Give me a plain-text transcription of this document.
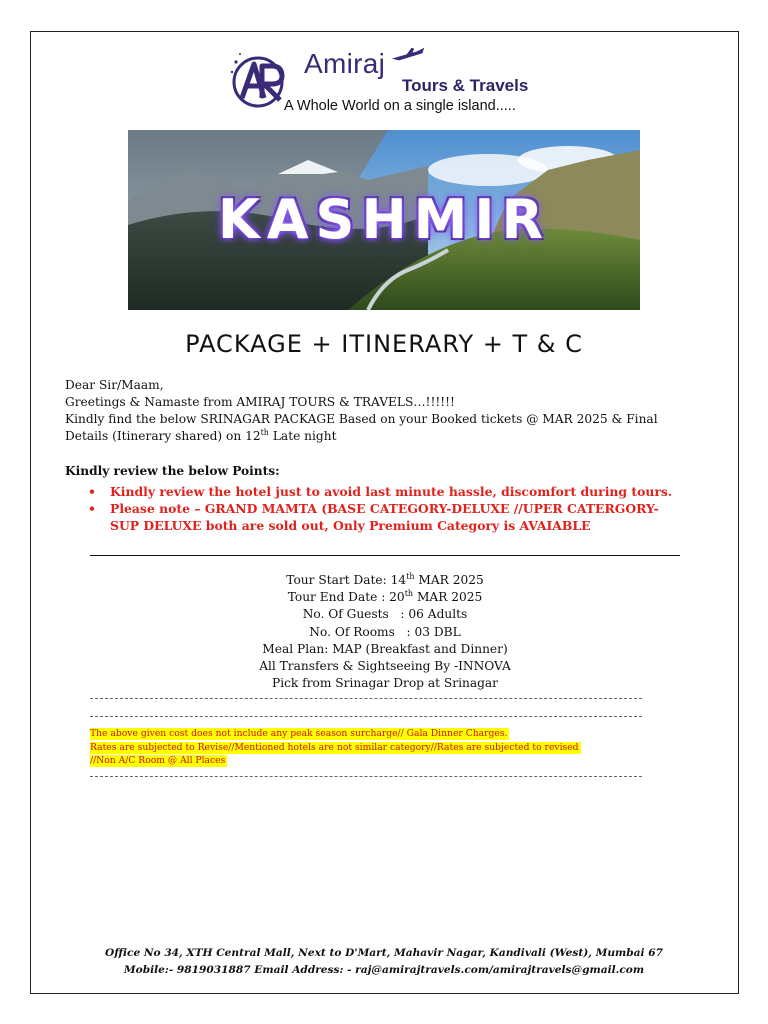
Amiraj
Tours & Travels
A Whole World on a single island.....
KASHMIR
PACKAGE + ITINERARY + T & C
Dear Sir/Maam,
Greetings & Namaste from AMIRAJ TOURS & TRAVELS…!!!!!!
Kindly find the below SRINAGAR PACKAGE Based on your Booked tickets @ MAR 2025 & Final
Details (Itinerary shared) on 12th Late night
Kindly review the below Points:
• Kindly review the hotel just to avoid last minute hassle, discomfort during tours.
• Please note – GRAND MAMTA (BASE CATEGORY-DELUXE //UPER CATERGORY-
SUP DELUXE both are sold out, Only Premium Category is AVAIABLE
Tour Start Date: 14th MAR 2025
Tour End Date : 20th MAR 2025
No. Of Guests   : 06 Adults
No. Of Rooms   : 03 DBL
Meal Plan: MAP (Breakfast and Dinner)
All Transfers & Sightseeing By -INNOVA
Pick from Srinagar Drop at Srinagar
The above given cost does not include any peak season surcharge// Gala Dinner Charges.
Rates are subjected to Revise//Mentioned hotels are not similar category//Rates are subjected to revised
//Non A/C Room @ All Places
Office No 34, XTH Central Mall, Next to D'Mart, Mahavir Nagar, Kandivali (West), Mumbai 67
Mobile:- 9819031887 Email Address: - raj@amirajtravels.com/amirajtravels@gmail.com
